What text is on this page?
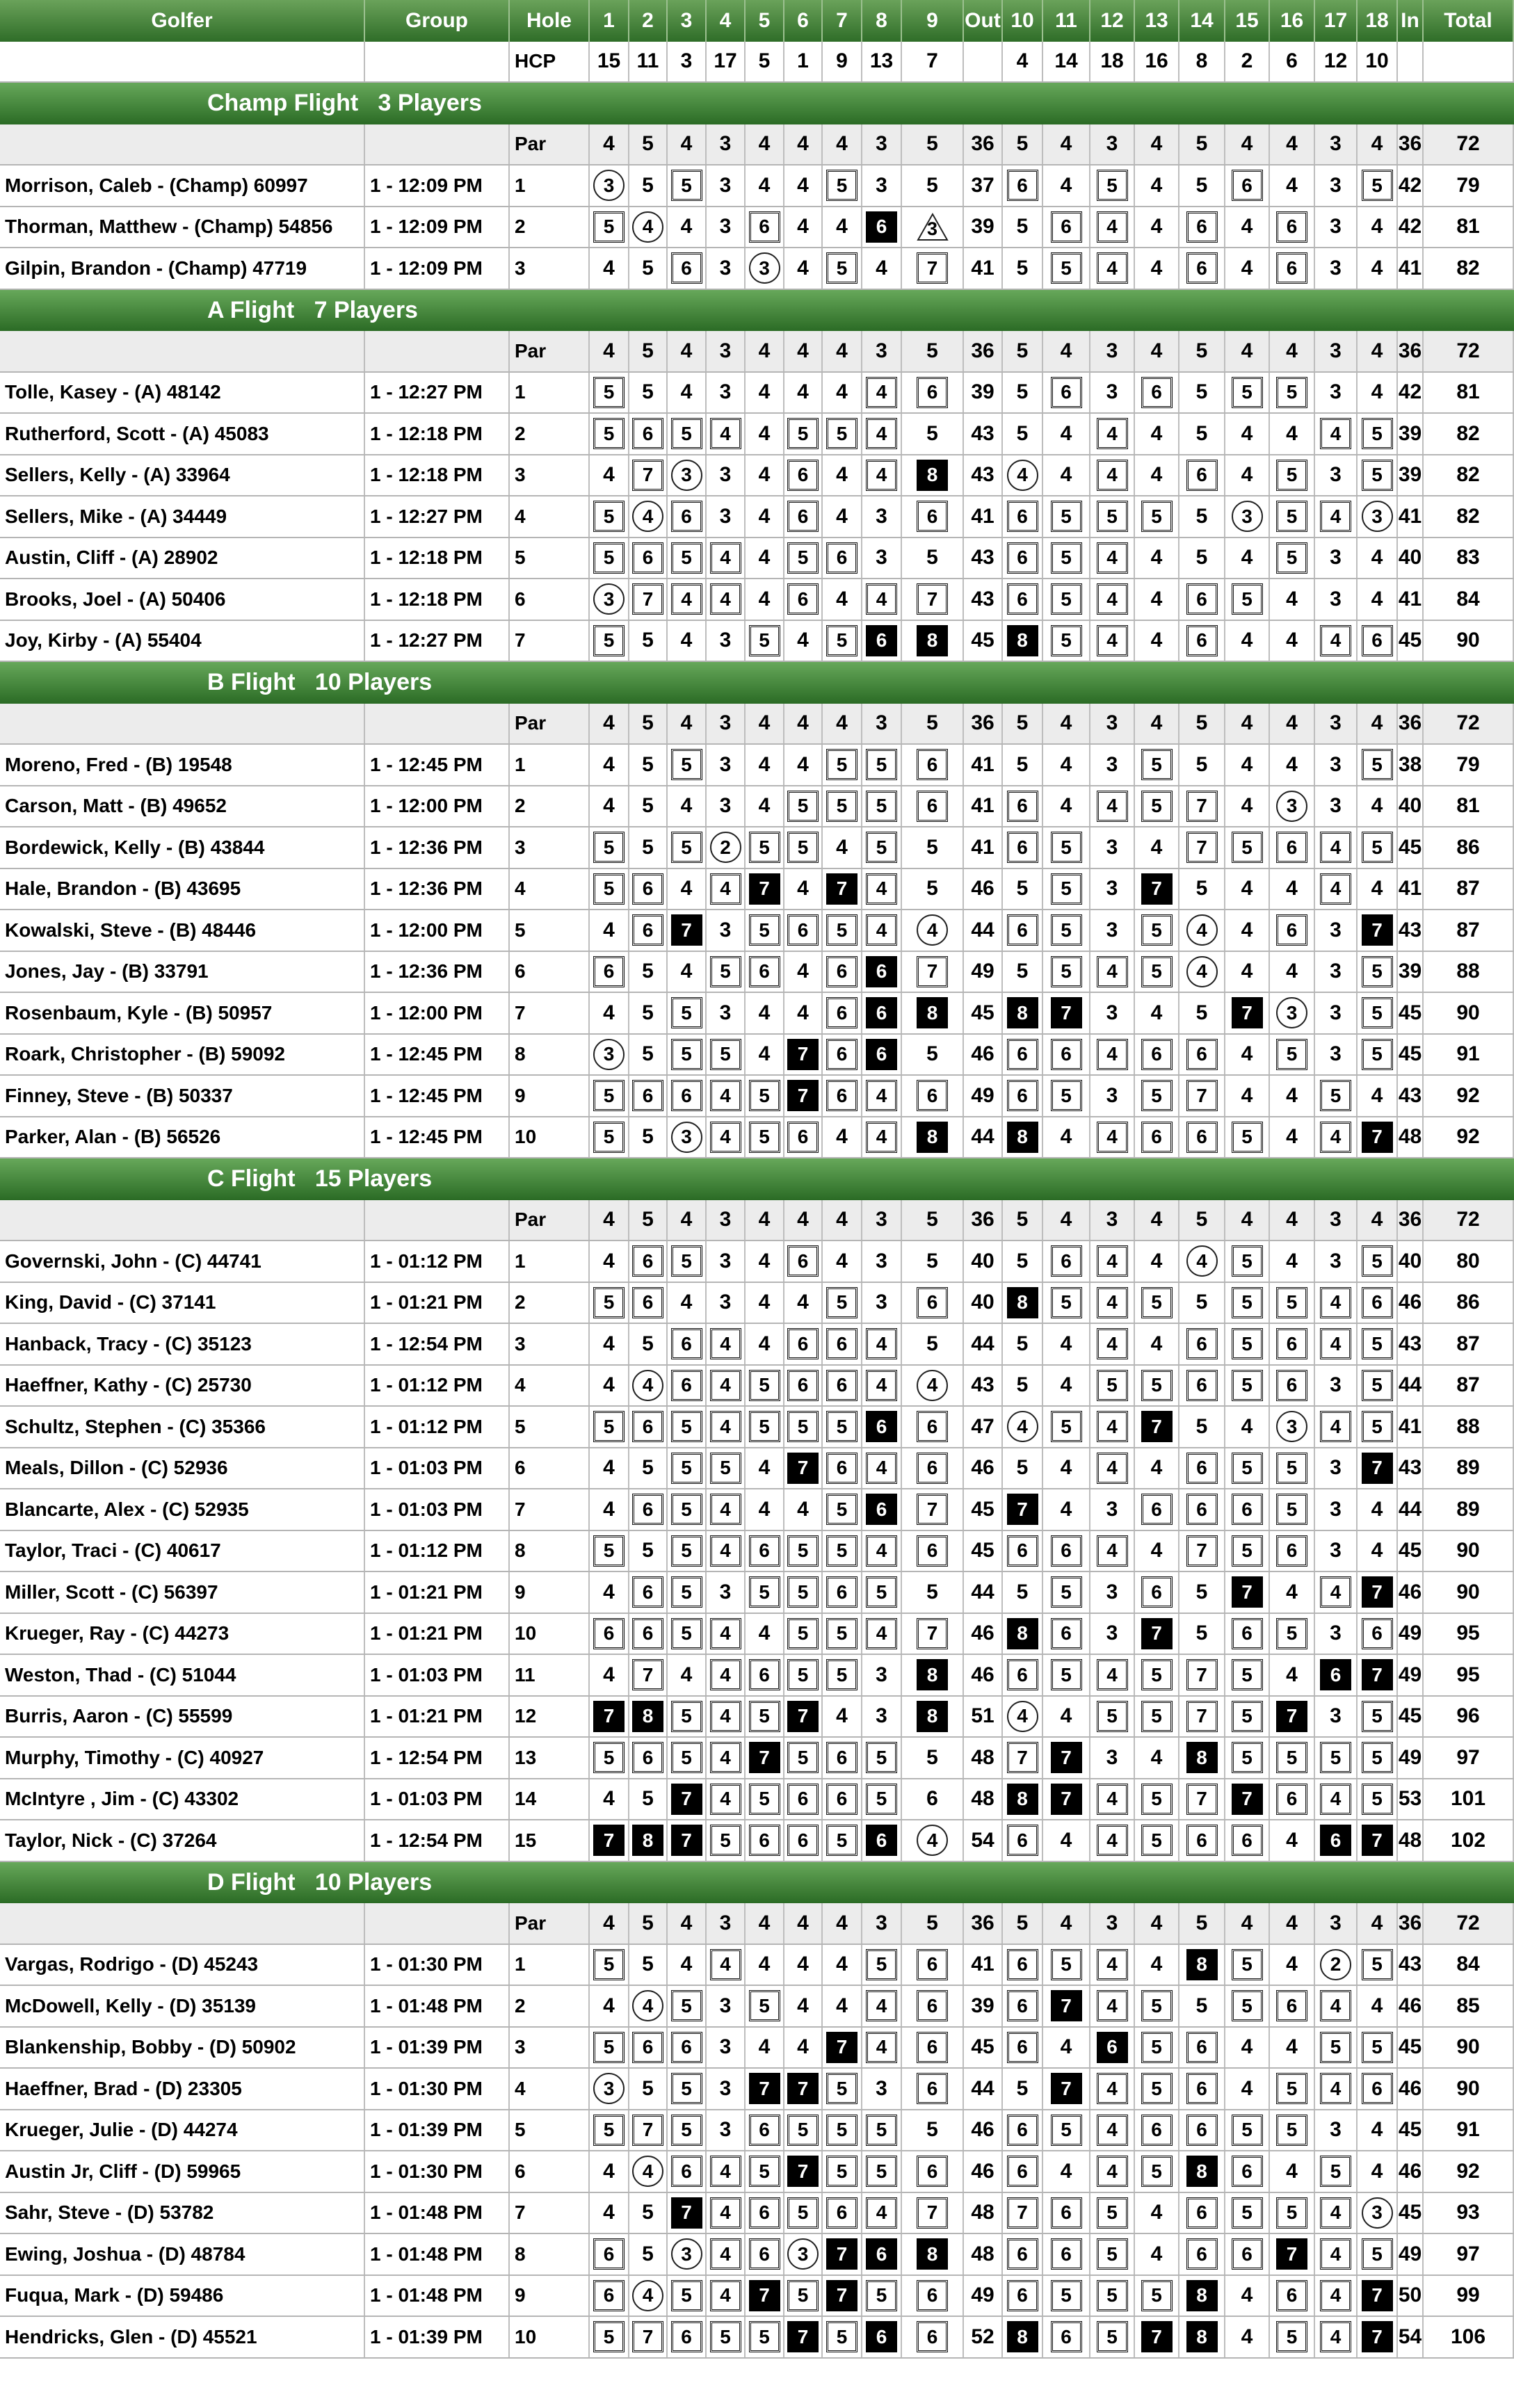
Golfer	Group	Hole 1 2 3 4 5 6 7 8 9 Out 10 11 12 13 14 15 16 17 18 In Total
HCP 15 11 3 17 5 1 9 13 7	4 14 18 16 8 2 6 12 10
Champ Flight
3 Players
Par	4 5 4 3 4 4 4 3 5 36 5 4 3 4 5 4 4 3 4 36 72
Morrison, Caleb - (Champ) 60997	1 - 12:09 PM 1	3 5 5 3 4 4 5 3 5 37 6 4 5 4 5 6 4 3 5 42 79
Thorman, Matthew - (Champ) 54856 1 - 12:09 PM 2	5 4 4 3 6 4 4 6 3 39 5 6 4 4 6 4 6 3 4 42 81
Gilpin, Brandon - (Champ) 47719	1 - 12:09 PM 3	4 5 6 3 3 4 5 4 7 41 5 5 4 4 6 4 6 3 4 41 82
A Flight
7 Players
Par	4 5 4 3 4 4 4 3 5 36 5 4 3 4 5 4 4 3 4 36 72
Tolle, Kasey - (A) 48142	1 - 12:27 PM 1	5 5 4 3 4 4 4 4 6 39 5 6 3 6 5 5 5 3 4 42 81
Rutherford, Scott - (A) 45083	1 - 12:18 PM 2	5 6 5 4 4 5 5 4 5 43 5 4 4 4 5 4 4 4 5 39 82
Sellers, Kelly - (A) 33964	1 - 12:18 PM 3	4 7 3 3 4 6 4 4 8 43 4 4 4 4 6 4 5 3 5 39 82
Sellers, Mike - (A) 34449	1 - 12:27 PM 4	5 4 6 3 4 6 4 3 6 41 6 5 5 5 5 3 5 4 3 41 82
Austin, Cliff - (A) 28902	1 - 12:18 PM 5	5 6 5 4 4 5 6 3 5 43 6 5 4 4 5 4 5 3 4 40 83
Brooks, Joel - (A) 50406	1 - 12:18 PM 6	3 7 4 4 4 6 4 4 7 43 6 5 4 4 6 5 4 3 4 41 84
Joy, Kirby - (A) 55404	1 - 12:27 PM 7	5 5 4 3 5 4 5 6 8 45 8 5 4 4 6 4 4 4 6 45 90
B Flight
10 Players
Par	4 5 4 3 4 4 4 3 5 36 5 4 3 4 5 4 4 3 4 36 72
Moreno, Fred - (B) 19548	1 - 12:45 PM 1	4 5 5 3 4 4 5 5 6 41 5 4 3 5 5 4 4 3 5 38 79
Carson, Matt - (B) 49652	1 - 12:00 PM 2	4 5 4 3 4 5 5 5 6 41 6 4 4 5 7 4 3 3 4 40 81
Bordewick, Kelly - (B) 43844	1 - 12:36 PM 3	5 5 5 2 5 5 4 5 5 41 6 5 3 4 7 5 6 4 5 45 86
Hale, Brandon - (B) 43695	1 - 12:36 PM 4	5 6 4 4 7 4 7 4 5 46 5 5 3 7 5 4 4 4 4 41 87
Kowalski, Steve - (B) 48446	1 - 12:00 PM 5	4 6 7 3 5 6 5 4 4 44 6 5 3 5 4 4 6 3 7 43 87
Jones, Jay - (B) 33791	1 - 12:36 PM 6	6 5 4 5 6 4 6 6 7 49 5 5 4 5 4 4 4 3 5 39 88
Rosenbaum, Kyle - (B) 50957	1 - 12:00 PM 7	4 5 5 3 4 4 6 6 8 45 8 7 3 4 5 7 3 3 5 45 90
Roark, Christopher - (B) 59092	1 - 12:45 PM 8	3 5 5 5 4 7 6 6 5 46 6 6 4 6 6 4 5 3 5 45 91
Finney, Steve - (B) 50337	1 - 12:45 PM 9	5 6 6 4 5 7 6 4 6 49 6 5 3 5 7 4 4 5 4 43 92
Parker, Alan - (B) 56526	1 - 12:45 PM 10	5 5 3 4 5 6 4 4 8 44 8 4 4 6 6 5 4 4 7 48 92
C Flight
15 Players
Par	4 5 4 3 4 4 4 3 5 36 5 4 3 4 5 4 4 3 4 36 72
Governski, John - (C) 44741	1 - 01:12 PM 1	4 6 5 3 4 6 4 3 5 40 5 6 4 4 4 5 4 3 5 40 80
King, David - (C) 37141	1 - 01:21 PM 2	5 6 4 3 4 4 5 3 6 40 8 5 4 5 5 5 5 4 6 46 86
Hanback, Tracy - (C) 35123	1 - 12:54 PM 3	4 5 6 4 4 6 6 4 5 44 5 4 4 4 6 5 6 4 5 43 87
Haeffner, Kathy - (C) 25730	1 - 01:12 PM 4	4 4 6 4 5 6 6 4 4 43 5 4 5 5 6 5 6 3 5 44 87
Schultz, Stephen - (C) 35366	1 - 01:12 PM 5	5 6 5 4 5 5 5 6 6 47 4 5 4 7 5 4 3 4 5 41 88
Meals, Dillon - (C) 52936	1 - 01:03 PM 6	4 5 5 5 4 7 6 4 6 46 5 4 4 4 6 5 5 3 7 43 89
Blancarte, Alex - (C) 52935	1 - 01:03 PM 7	4 6 5 4 4 4 5 6 7 45 7 4 3 6 6 6 5 3 4 44 89
Taylor, Traci - (C) 40617	1 - 01:12 PM 8	5 5 5 4 6 5 5 4 6 45 6 6 4 4 7 5 6 3 4 45 90
Miller, Scott - (C) 56397	1 - 01:21 PM 9	4 6 5 3 5 5 6 5 5 44 5 5 3 6 5 7 4 4 7 46 90
Krueger, Ray - (C) 44273	1 - 01:21 PM 10	6 6 5 4 4 5 5 4 7 46 8 6 3 7 5 6 5 3 6 49 95
Weston, Thad - (C) 51044	1 - 01:03 PM 11	4 7 4 4 6 5 5 3 8 46 6 5 4 5 7 5 4 6 7 49 95
Burris, Aaron - (C) 55599	1 - 01:21 PM 12	7 8 5 4 5 7 4 3 8 51 4 4 5 5 7 5 7 3 5 45 96
Murphy, Timothy - (C) 40927	1 - 12:54 PM 13	5 6 5 4 7 5 6 5 5 48 7 7 3 4 8 5 5 5 5 49 97
McIntyre , Jim - (C) 43302	1 - 01:03 PM 14	4 5 7 4 5 6 6 5 6 48 8 7 4 5 7 7 6 4 5 53 101
Taylor, Nick - (C) 37264	1 - 12:54 PM 15	7 8 7 5 6 6 5 6 4 54 6 4 4 5 6 6 4 6 7 48 102
D Flight
10 Players
Par	4 5 4 3 4 4 4 3 5 36 5 4 3 4 5 4 4 3 4 36 72
Vargas, Rodrigo - (D) 45243	1 - 01:30 PM 1	5 5 4 4 4 4 4 5 6 41 6 5 4 4 8 5 4 2 5 43 84
McDowell, Kelly - (D) 35139	1 - 01:48 PM 2	4 4 5 3 5 4 4 4 6 39 6 7 4 5 5 5 6 4 4 46 85
Blankenship, Bobby - (D) 50902	1 - 01:39 PM 3	5 6 6 3 4 4 7 4 6 45 6 4 6 5 6 4 4 5 5 45 90
Haeffner, Brad - (D) 23305	1 - 01:30 PM 4	3 5 5 3 7 7 5 3 6 44 5 7 4 5 6 4 5 4 6 46 90
Krueger, Julie - (D) 44274	1 - 01:39 PM 5	5 7 5 3 6 5 5 5 5 46 6 5 4 6 6 5 5 3 4 45 91
Austin Jr, Cliff - (D) 59965	1 - 01:30 PM 6	4 4 6 4 5 7 5 5 6 46 6 4 4 5 8 6 4 5 4 46 92
Sahr, Steve - (D) 53782	1 - 01:48 PM 7	4 5 7 4 6 5 6 4 7 48 7 6 5 4 6 5 5 4 3 45 93
Ewing, Joshua - (D) 48784	1 - 01:48 PM 8	6 5 3 4 6 3 7 6 8 48 6 6 5 4 6 6 7 4 5 49 97
Fuqua, Mark - (D) 59486	1 - 01:48 PM 9	6 4 5 4 7 5 7 5 6 49 6 5 5 5 8 4 6 4 7 50 99
Hendricks, Glen - (D) 45521	1 - 01:39 PM 10	5 7 6 5 5 7 5 6 6 52 8 6 5 7 8 4 5 4 7 54 106
